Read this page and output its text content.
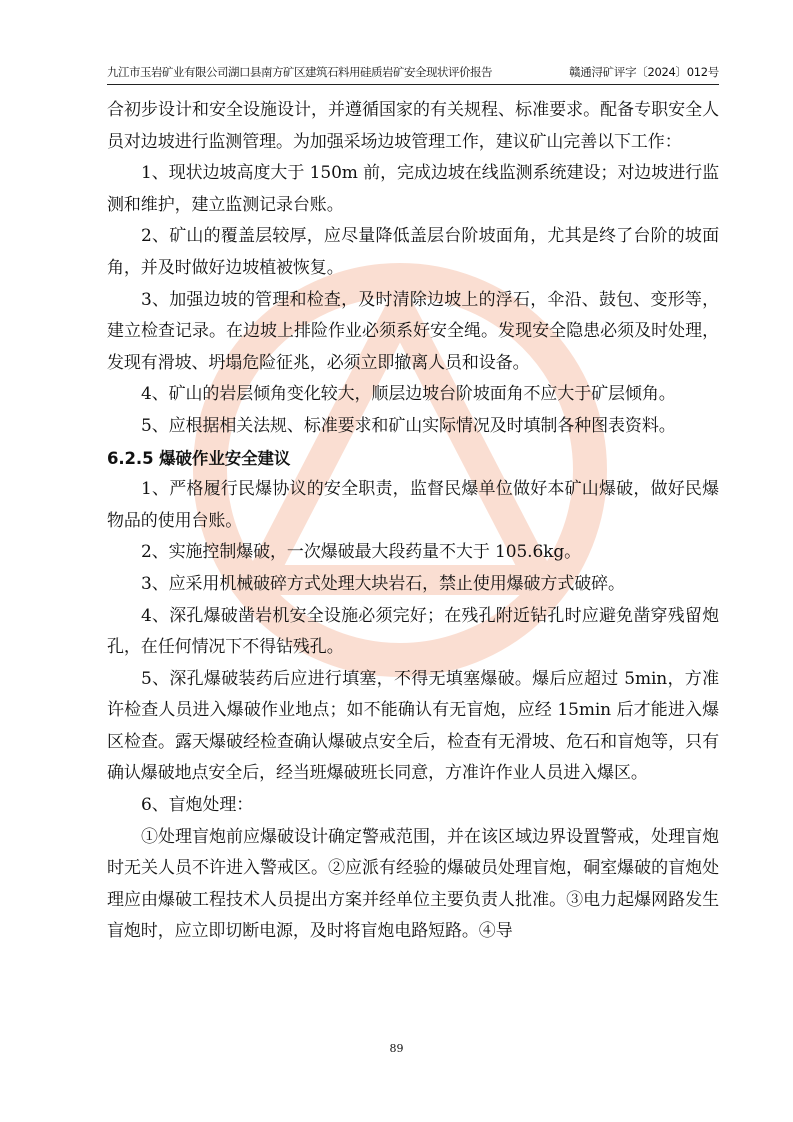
九江市玉岩矿业有限公司湖口县南方矿区建筑石料用硅质岩矿安全现状评价报告	赣通浔矿评字〔2024〕012号

合初步设计和安全设施设计，并遵循国家的有关规程、标准要求。配备专职安全人员对边坡进行监测管理。为加强采场边坡管理工作，建议矿山完善以下工作：

1、现状边坡高度大于 150m 前，完成边坡在线监测系统建设；对边坡进行监测和维护，建立监测记录台账。

2、矿山的覆盖层较厚，应尽量降低盖层台阶坡面角，尤其是终了台阶的坡面角，并及时做好边坡植被恢复。

3、加强边坡的管理和检查，及时清除边坡上的浮石，伞沿、鼓包、变形等，建立检查记录。在边坡上排险作业必须系好安全绳。发现安全隐患必须及时处理，发现有滑坡、坍塌危险征兆，必须立即撤离人员和设备。

4、矿山的岩层倾角变化较大，顺层边坡台阶坡面角不应大于矿层倾角。

5、应根据相关法规、标准要求和矿山实际情况及时填制各种图表资料。

6.2.5 爆破作业安全建议

1、严格履行民爆协议的安全职责，监督民爆单位做好本矿山爆破，做好民爆物品的使用台账。

2、实施控制爆破，一次爆破最大段药量不大于 105.6kg。

3、应采用机械破碎方式处理大块岩石，禁止使用爆破方式破碎。

4、深孔爆破凿岩机安全设施必须完好；在残孔附近钻孔时应避免凿穿残留炮孔，在任何情况下不得钻残孔。

5、深孔爆破装药后应进行填塞，不得无填塞爆破。爆后应超过 5min，方准许检查人员进入爆破作业地点；如不能确认有无盲炮，应经 15min 后才能进入爆区检查。露天爆破经检查确认爆破点安全后，检查有无滑坡、危石和盲炮等，只有确认爆破地点安全后，经当班爆破班长同意，方准许作业人员进入爆区。

6、盲炮处理：

①处理盲炮前应爆破设计确定警戒范围，并在该区域边界设置警戒，处理盲炮时无关人员不许进入警戒区。②应派有经验的爆破员处理盲炮，硐室爆破的盲炮处理应由爆破工程技术人员提出方案并经单位主要负责人批准。③电力起爆网路发生盲炮时，应立即切断电源，及时将盲炮电路短路。④导

89
